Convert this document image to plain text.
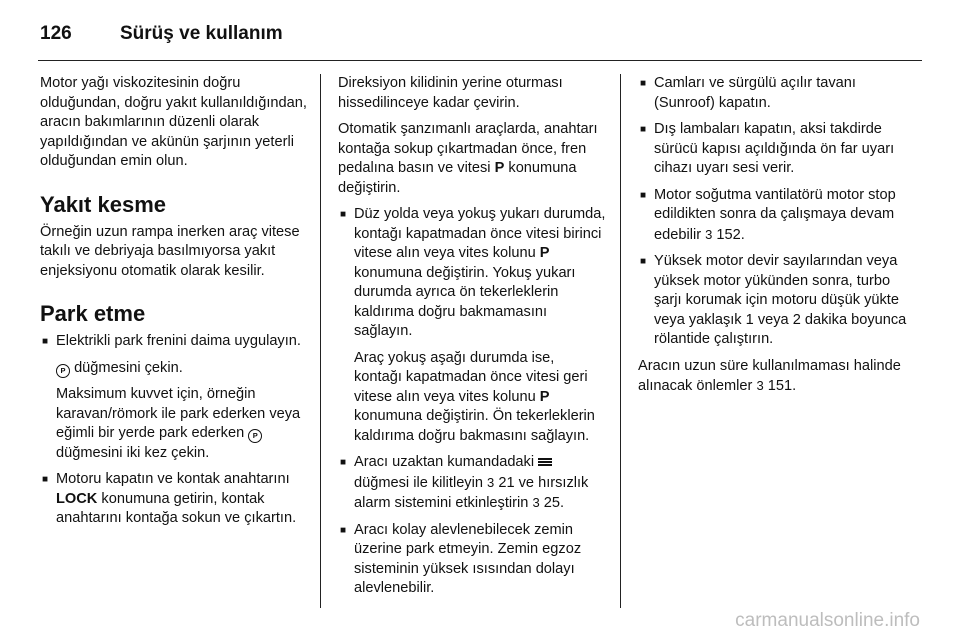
126	Sürüş ve kullanım

Motor yağı viskozitesinin doğru olduğundan, doğru yakıt kullanıldığından, aracın bakımlarının düzenli olarak yapıldığından ve akünün şarjının yeterli olduğundan emin olun.

Yakıt kesme

Örneğin uzun rampa inerken araç vitese takılı ve debriyaja basılmıyorsa yakıt enjeksiyonu otomatik olarak kesilir.

Park etme
■ Elektrikli park frenini daima uygulayın.

P düğmesini çekin.

Maksimum kuvvet için, örneğin karavan/römork ile park ederken veya eğimli bir yerde park ederken P düğmesini iki kez çekin.

■ Motoru kapatın ve kontak anahtarını LOCK konumuna getirin, kontak anahtarını kontağa sokun ve çıkartın.

Direksiyon kilidinin yerine oturması hissedilinceye kadar çevirin.

Otomatik şanzımanlı araçlarda, anahtarı kontağa sokup çıkartmadan önce, fren pedalına basın ve vitesi P konumuna değiştirin.

■ Düz yolda veya yokuş yukarı durumda, kontağı kapatmadan önce vitesi birinci vitese alın veya vites kolunu P konumuna değiştirin. Yokuş yukarı durumda ayrıca ön tekerleklerin kaldırıma doğru bakmamasını sağlayın.

Araç yokuş aşağı durumda ise, kontağı kapatmadan önce vitesi geri vitese alın veya vites kolunu P konumuna değiştirin. Ön tekerleklerin kaldırıma doğru bakmasını sağlayın.

■ Aracı uzaktan kumandadaki
düğmesi ile kilitleyin 3 21 ve hırsızlık alarm sistemini etkinleştirin 3 25.
■ Aracı kolay alevlenebilecek zemin üzerine park etmeyin. Zemin egzoz sisteminin yüksek ısısından dolayı alevlenebilir.
■ Camları ve sürgülü açılır tavanı (Sunroof) kapatın.
■ Dış lambaları kapatın, aksi takdirde sürücü kapısı açıldığında ön far uyarı cihazı uyarı sesi verir.
■ Motor soğutma vantilatörü motor stop edildikten sonra da çalışmaya devam edebilir 3 152.
■ Yüksek motor devir sayılarından veya yüksek motor yükünden sonra, turbo şarjı korumak için motoru düşük yükte veya yaklaşık 1 veya 2 dakika boyunca rölantide çalıştırın.

Aracın uzun süre kullanılmaması halinde alınacak önlemler 3 151.

carmanualsonline.info
